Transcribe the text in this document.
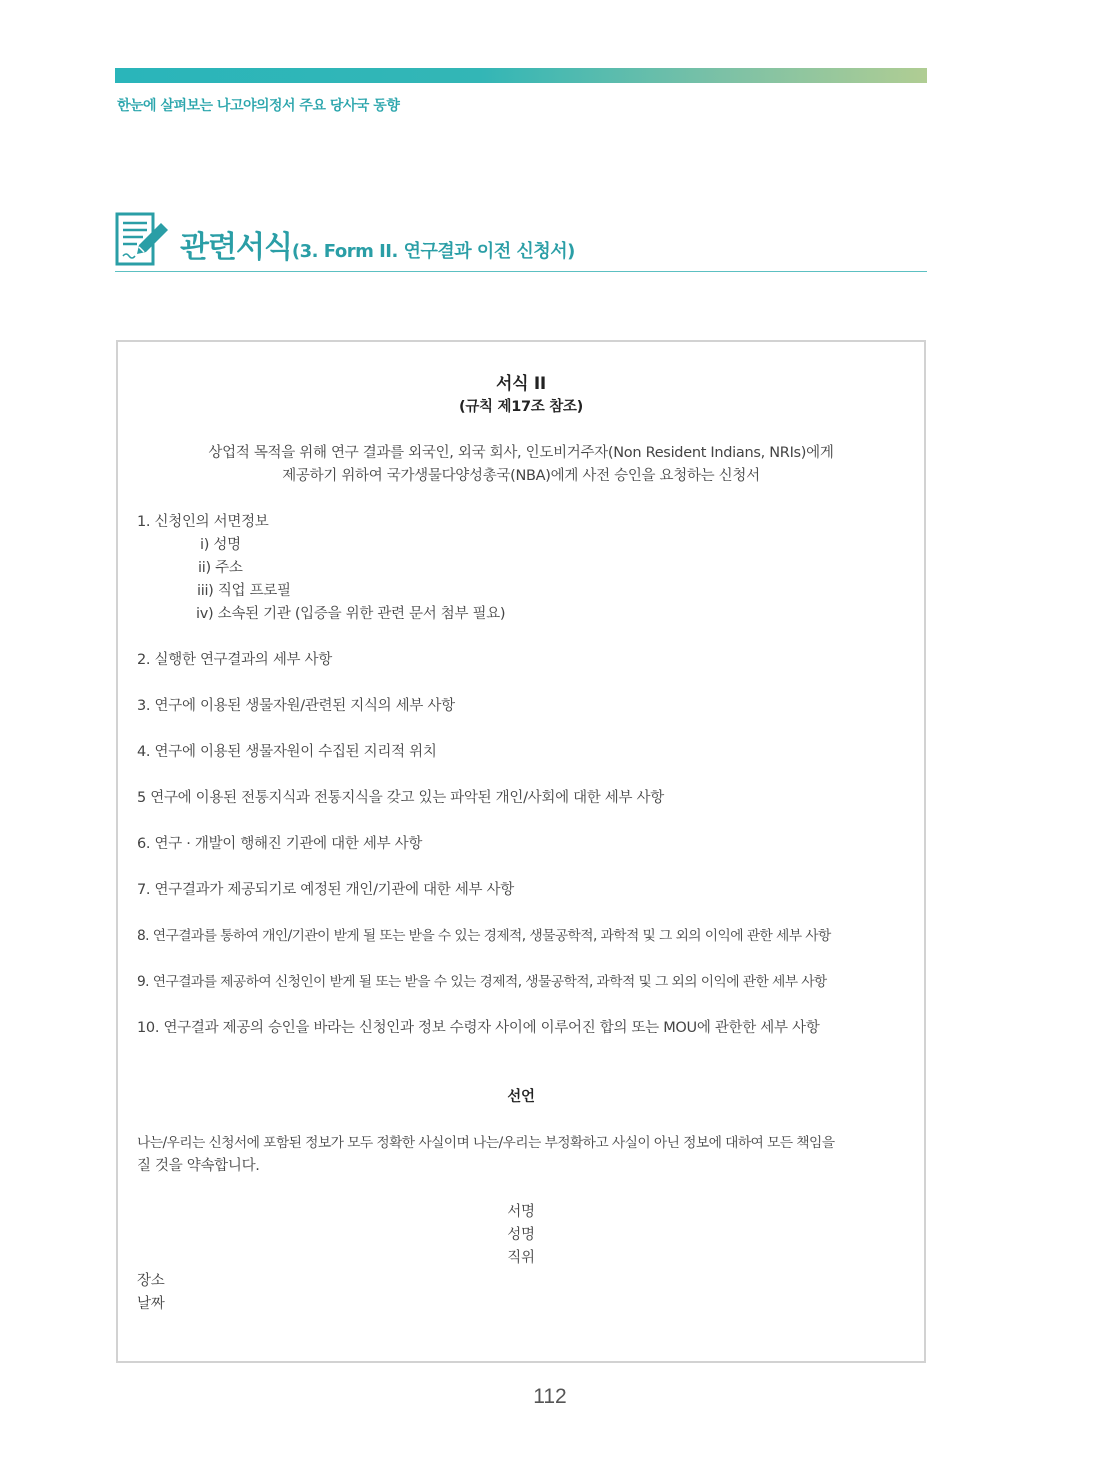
한눈에 살펴보는 나고야의정서 주요 당사국 동향
관련서식(3. Form II. 연구결과 이전 신청서)
서식 II
(규칙 제17조 참조)
상업적 목적을 위해 연구 결과를 외국인, 외국 회사, 인도비거주자(Non Resident Indians, NRIs)에게
제공하기 위하여 국가생물다양성총국(NBA)에게 사전 승인을 요청하는 신청서
1. 신청인의 서면정보
i) 성명
ii) 주소
iii) 직업 프로필
iv) 소속된 기관 (입증을 위한 관련 문서 첨부 필요)
2. 실행한 연구결과의 세부 사항
3. 연구에 이용된 생물자원/관련된 지식의 세부 사항
4. 연구에 이용된 생물자원이 수집된 지리적 위치
5 연구에 이용된 전통지식과 전통지식을 갖고 있는 파악된 개인/사회에 대한 세부 사항
6. 연구 · 개발이 행해진 기관에 대한 세부 사항
7. 연구결과가 제공되기로 예정된 개인/기관에 대한 세부 사항
8. 연구결과를 통하여 개인/기관이 받게 될 또는 받을 수 있는 경제적, 생물공학적, 과학적 및 그 외의 이익에 관한 세부 사항
9. 연구결과를 제공하여 신청인이 받게 될 또는 받을 수 있는 경제적, 생물공학적, 과학적 및 그 외의 이익에 관한 세부 사항
10. 연구결과 제공의 승인을 바라는 신청인과 정보 수령자 사이에 이루어진 합의 또는 MOU에 관한한 세부 사항
선언
나는/우리는 신청서에 포함된 정보가 모두 정확한 사실이며 나는/우리는 부정확하고 사실이 아닌 정보에 대하여 모든 책임을
질 것을 약속합니다.
서명
성명
직위
장소
날짜
112
